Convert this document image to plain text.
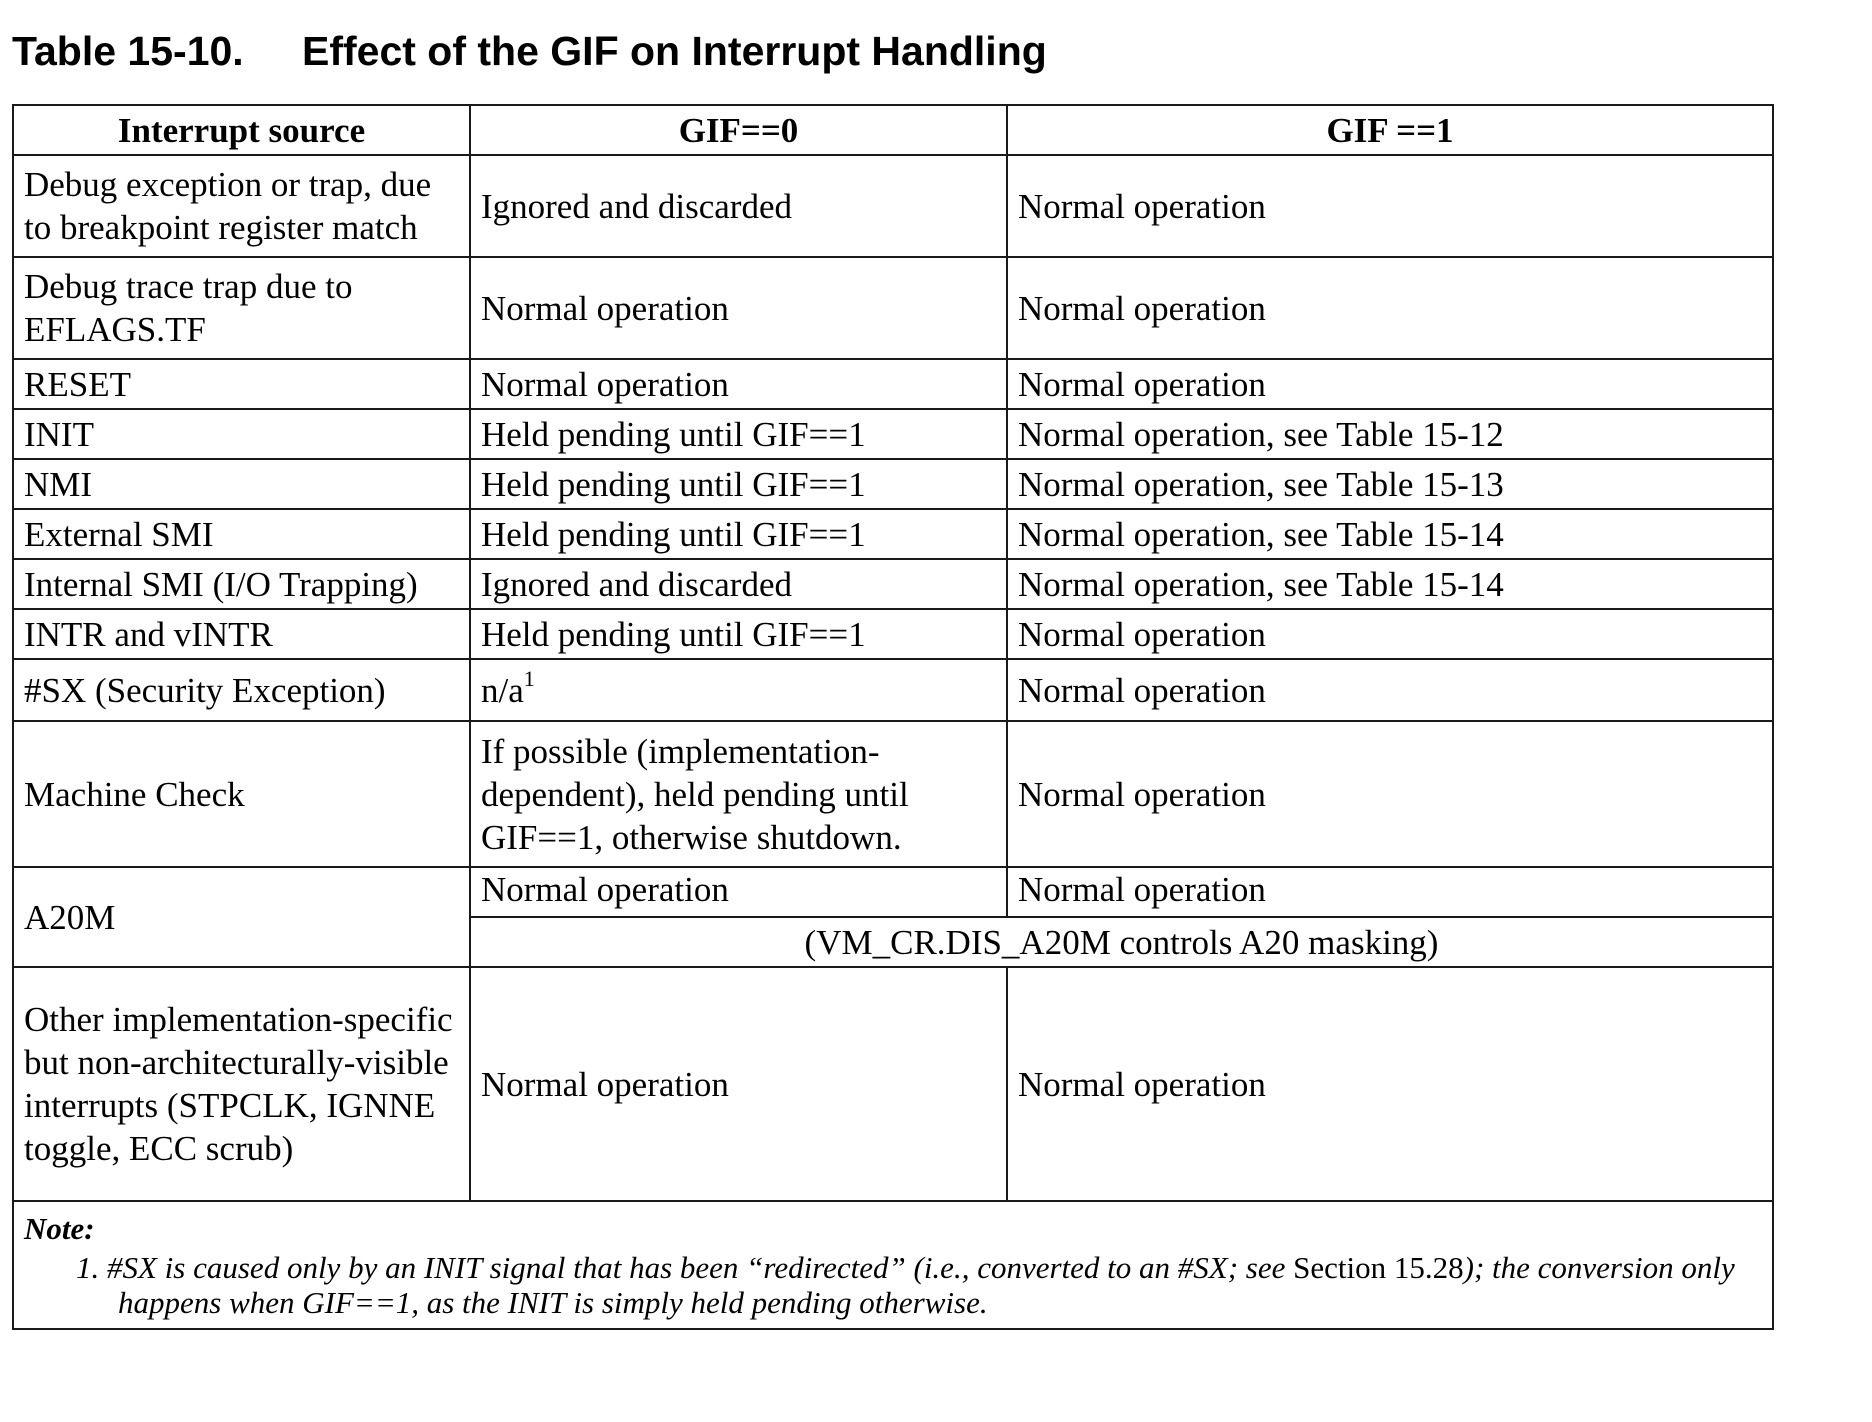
Table 15-10. Effect of the GIF on Interrupt Handling
Interrupt source	GIF==0	GIF ==1
Debug exception or trap, due to breakpoint register match	Ignored and discarded	Normal operation
Debug trace trap due to EFLAGS.TF	Normal operation	Normal operation
RESET	Normal operation	Normal operation
INIT	Held pending until GIF==1	Normal operation, see Table 15-12
NMI	Held pending until GIF==1	Normal operation, see Table 15-13
External SMI	Held pending until GIF==1	Normal operation, see Table 15-14
Internal SMI (I/O Trapping)	Ignored and discarded	Normal operation, see Table 15-14
INTR and vINTR	Held pending until GIF==1	Normal operation
#SX (Security Exception)	n/a$^1$	Normal operation
Machine Check	If possible (implementation-dependent), held pending until GIF==1, otherwise shutdown.	Normal operation
A20M	Normal operation	Normal operation
	(VM_CR.DIS_A20M controls A20 masking)	
Other implementation-specific but non-architecturally-visible interrupts (STPCLK, IGNNE toggle, ECC scrub)	Normal operation	Normal operation

Note:
1. #SX is caused only by an INIT signal that has been “redirected” (i.e., converted to an #SX; see Section 15.28); the conversion only happens when GIF==1, as the INIT is simply held pending otherwise.		
